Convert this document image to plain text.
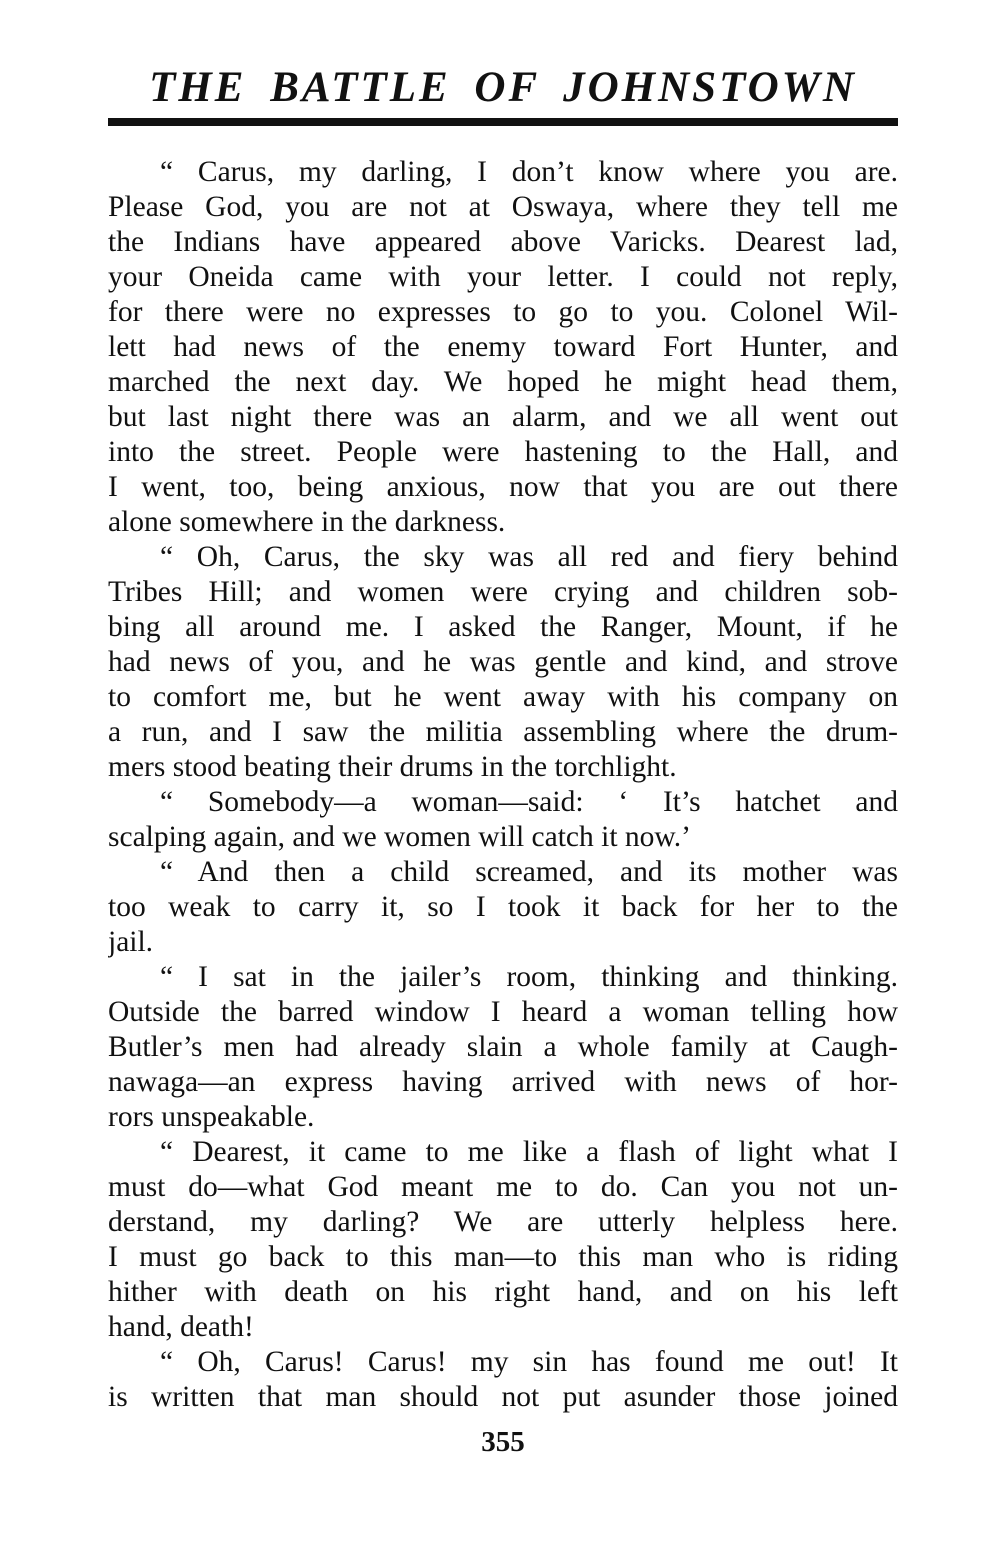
THE BATTLE OF JOHNSTOWN
“ Carus, my darling, I don’t know where you are.
Please God, you are not at Oswaya, where they tell me
the Indians have appeared above Varicks. Dearest lad,
your Oneida came with your letter. I could not reply,
for there were no expresses to go to you. Colonel Wil-
lett had news of the enemy toward Fort Hunter, and
marched the next day. We hoped he might head them,
but last night there was an alarm, and we all went out
into the street. People were hastening to the Hall, and
I went, too, being anxious, now that you are out there
alone somewhere in the darkness.
“ Oh, Carus, the sky was all red and fiery behind
Tribes Hill; and women were crying and children sob-
bing all around me. I asked the Ranger, Mount, if he
had news of you, and he was gentle and kind, and strove
to comfort me, but he went away with his company on
a run, and I saw the militia assembling where the drum-
mers stood beating their drums in the torchlight.
“ Somebody—a woman—said: ‘ It’s hatchet and
scalping again, and we women will catch it now.’
“ And then a child screamed, and its mother was
too weak to carry it, so I took it back for her to the
jail.
“ I sat in the jailer’s room, thinking and thinking.
Outside the barred window I heard a woman telling how
Butler’s men had already slain a whole family at Caugh-
nawaga—an express having arrived with news of hor-
rors unspeakable.
“ Dearest, it came to me like a flash of light what I
must do—what God meant me to do. Can you not un-
derstand, my darling? We are utterly helpless here.
I must go back to this man—to this man who is riding
hither with death on his right hand, and on his left
hand, death!
“ Oh, Carus! Carus! my sin has found me out! It
is written that man should not put asunder those joined
355
